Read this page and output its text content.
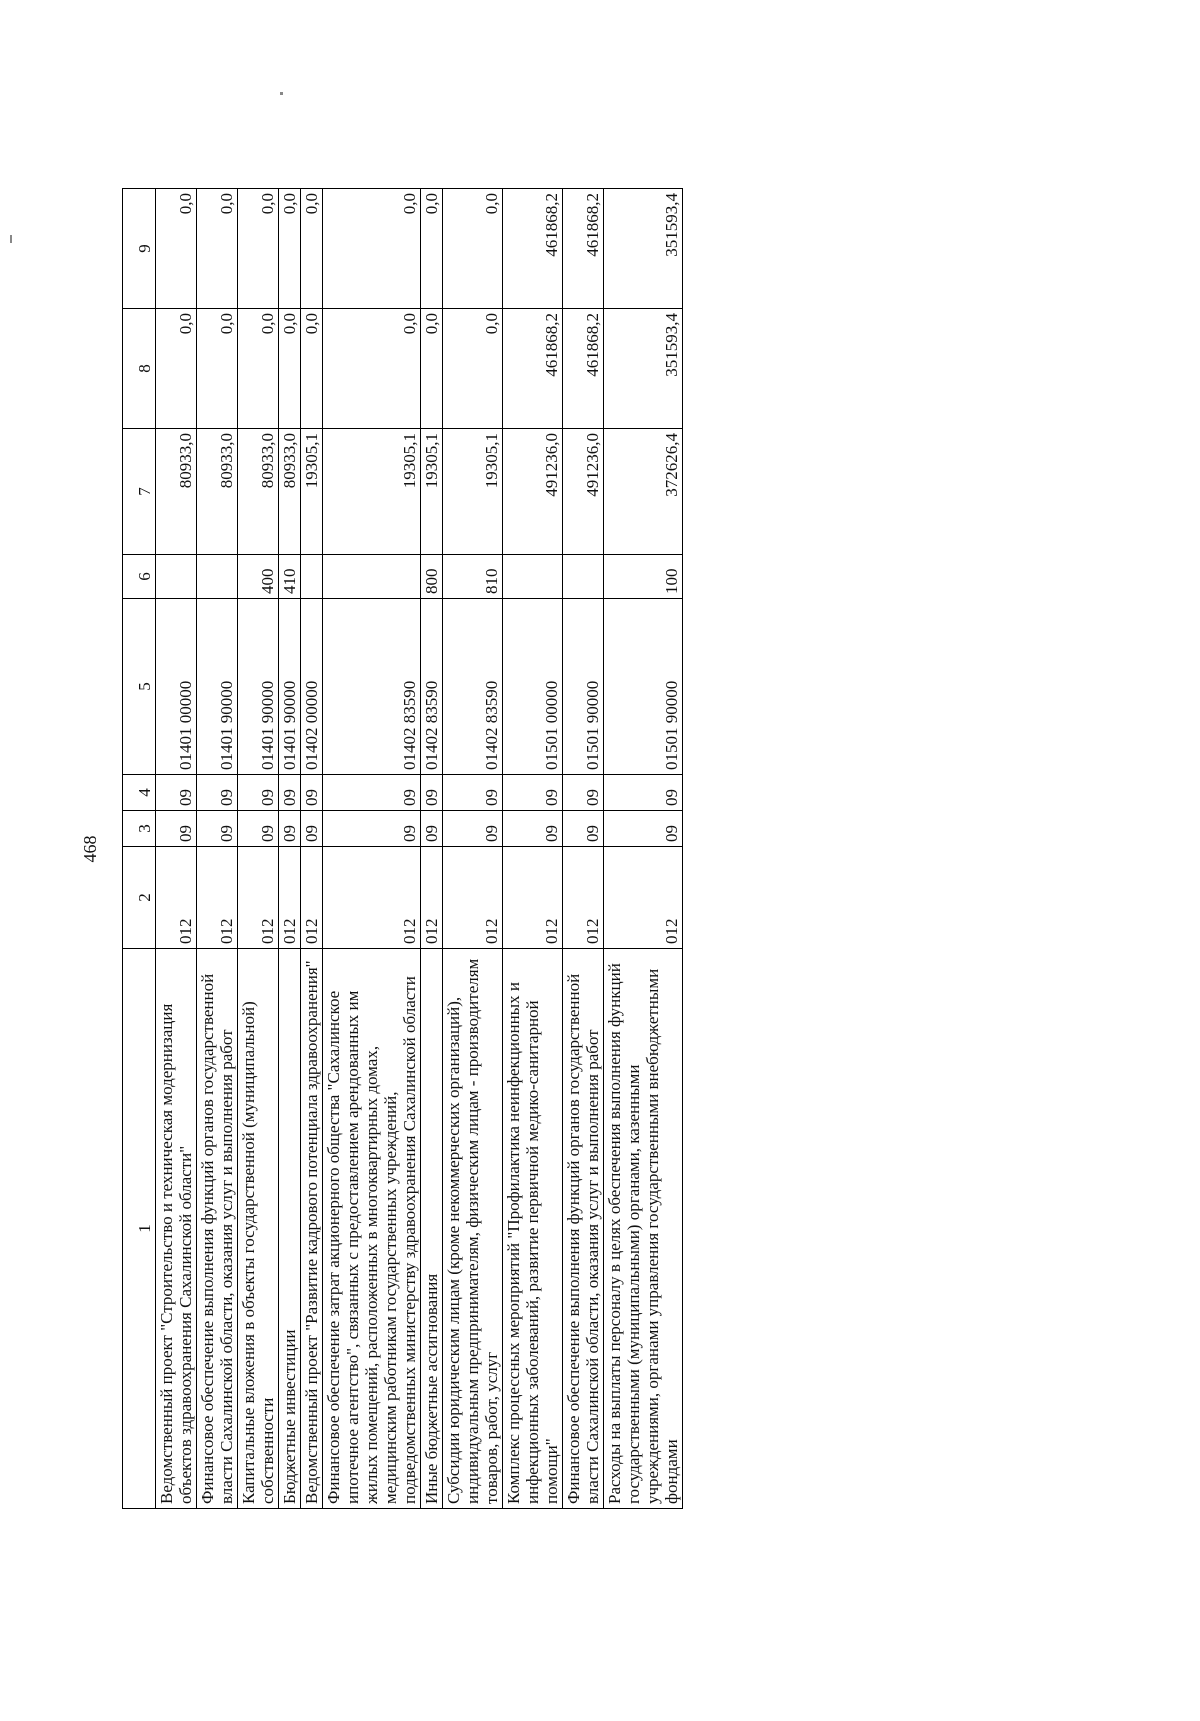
468
1	2	3	4	5	6	7	8	9
Ведомственный проект "Строительство и техническая модернизация объектов здравоохранения Сахалинской области"	012	09	09	01401 00000		80933,0	0,0	0,0
Финансовое обеспечение выполнения функций органов государственной власти Сахалинской области, оказания услуг и выполнения работ	012	09	09	01401 90000		80933,0	0,0	0,0
Капитальные вложения в объекты государственной (муниципальной) собственности	012	09	09	01401 90000	400	80933,0	0,0	0,0
Бюджетные инвестиции	012	09	09	01401 90000	410	80933,0	0,0	0,0
Ведомственный проект "Развитие кадрового потенциала здравоохранения"	012	09	09	01402 00000		19305,1	0,0	0,0
Финансовое обеспечение затрат акционерного общества "Сахалинское ипотечное агентство", связанных с предоставлением арендованных им жилых помещений, расположенных в многоквартирных домах, медицинским работникам государственных учреждений, подведомственных министерству здравоохранения Сахалинской области	012	09	09	01402 83590		19305,1	0,0	0,0
Иные бюджетные ассигнования	012	09	09	01402 83590	800	19305,1	0,0	0,0
Субсидии юридическим лицам (кроме некоммерческих организаций), индивидуальным предпринимателям, физическим лицам - производителям товаров, работ, услуг	012	09	09	01402 83590	810	19305,1	0,0	0,0
Комплекс процессных мероприятий "Профилактика неинфекционных и инфекционных заболеваний, развитие первичной медико-санитарной помощи"	012	09	09	01501 00000		491236,0	461868,2	461868,2
Финансовое обеспечение выполнения функций органов государственной власти Сахалинской области, оказания услуг и выполнения работ	012	09	09	01501 90000		491236,0	461868,2	461868,2
Расходы на выплаты персоналу в целях обеспечения выполнения функций государственными (муниципальными) органами, казенными учреждениями, органами управления государственными внебюджетными фондами	012	09	09	01501 90000	100	372626,4	351593,4	351593,4
